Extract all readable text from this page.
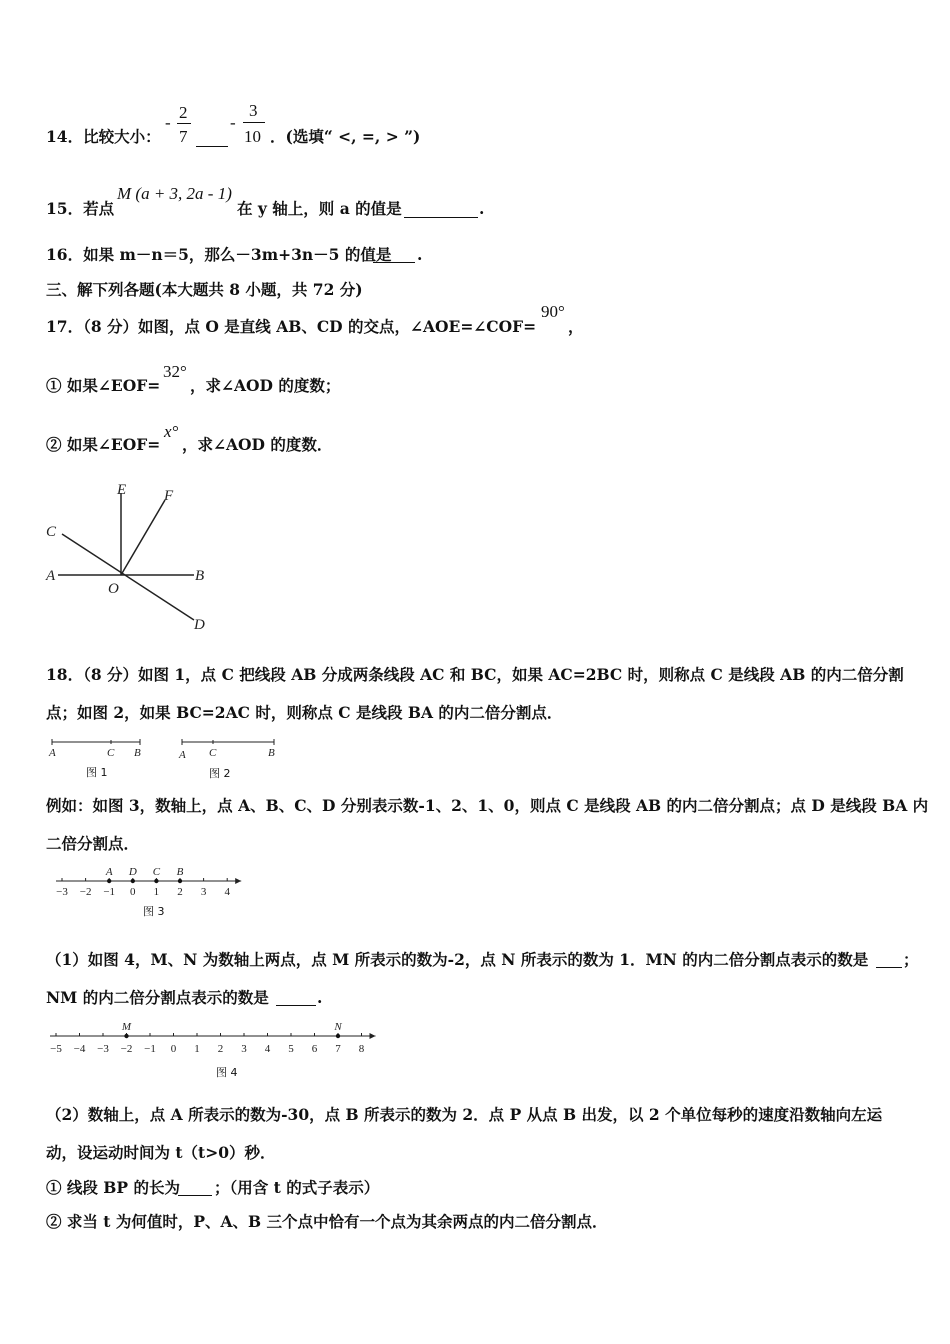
14．比较大小：
-
2
7
-
3
10 ．(选填“ <, =, > ”)
15．若点
M (a + 3, 2a - 1)
在 y 轴上，则 a 的值是	.
16．如果 m－n＝5，那么－3m+3n－5 的值是 .
三、解下列各题(本大题共 8 小题，共 72 分)
17．（8 分）如图，点 O 是直线 AB、CD 的交点，∠AOE=∠COF=
90°
，
① 如果∠EOF=
32°
，求∠AOD 的度数；
② 如果∠EOF=
x°
，求∠AOD 的度数．
E	F
C
A
O
B
D
18．（8 分）如图 1，点 C 把线段 AB 分成两条线段 AC 和 BC，如果 AC=2BC 时，则称点 C 是线段 AB 的内二倍分割
点；如图 2，如果 BC=2AC 时，则称点 C 是线段 BA 的内二倍分割点．
A	C B
图 1
A C	B
图 2
例如：如图 3，数轴上，点 A、B、C、D 分别表示数-1、2、1、0，则点 C 是线段 AB 的内二倍分割点；点 D 是线段 BA 内
二倍分割点．
−3 −2 −1 0 1 2 3 4
A D C B
图 3
（1）如图 4，M、N 为数轴上两点，点 M 所表示的数为-2，点 N 所表示的数为 1．MN 的内二倍分割点表示的数是 ；
NM 的内二倍分割点表示的数是	.
−5 −4 −3 −2 −1 0 1 2 3 4 5 6 7 8
M	N
图 4
（2）数轴上，点 A 所表示的数为-30，点 B 所表示的数为 2．点 P 从点 B 出发，以 2 个单位每秒的速度沿数轴向左运
动，设运动时间为 t（t>0）秒．
① 线段 BP 的长为 ；（用含 t 的式子表示）
② 求当 t 为何值时，P、A、B 三个点中恰有一个点为其余两点的内二倍分割点．
